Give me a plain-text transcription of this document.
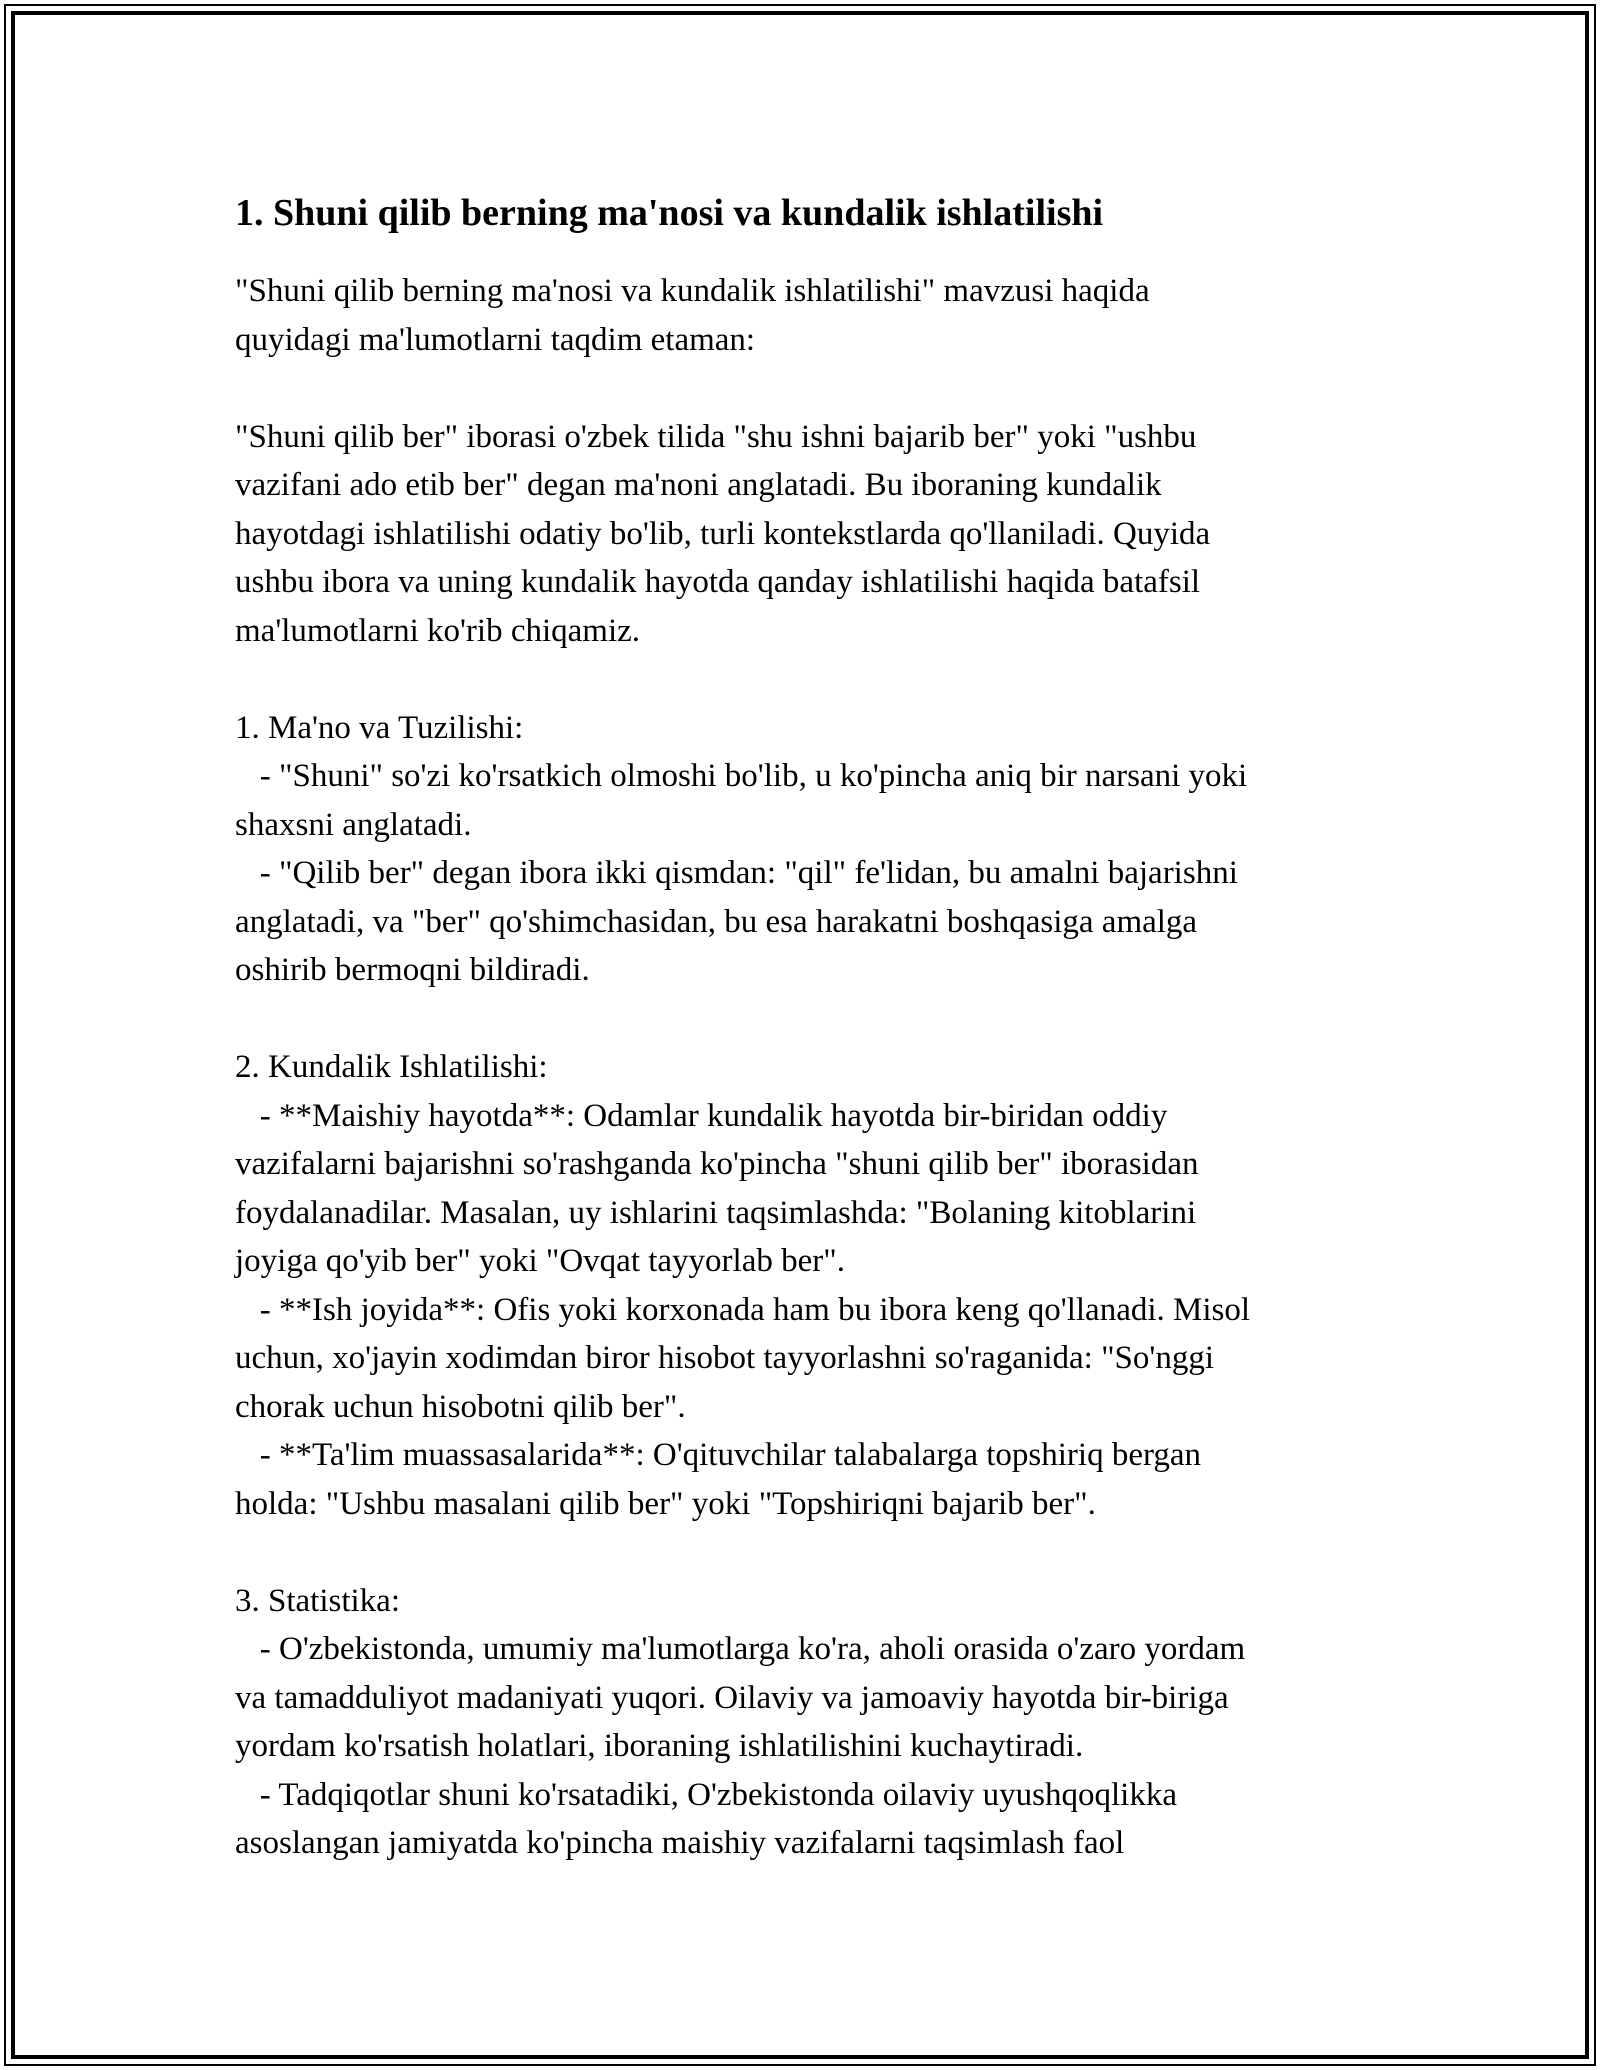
1. Shuni qilib berning ma'nosi va kundalik ishlatilishi
"Shuni qilib berning ma'nosi va kundalik ishlatilishi" mavzusi haqida
quyidagi ma'lumotlarni taqdim etaman:
"Shuni qilib ber" iborasi o'zbek tilida "shu ishni bajarib ber" yoki "ushbu
vazifani ado etib ber" degan ma'noni anglatadi. Bu iboraning kundalik
hayotdagi ishlatilishi odatiy bo'lib, turli kontekstlarda qo'llaniladi. Quyida
ushbu ibora va uning kundalik hayotda qanday ishlatilishi haqida batafsil
ma'lumotlarni ko'rib chiqamiz.
1. Ma'no va Tuzilishi:
- "Shuni" so'zi ko'rsatkich olmoshi bo'lib, u ko'pincha aniq bir narsani yoki
shaxsni anglatadi.
- "Qilib ber" degan ibora ikki qismdan: "qil" fe'lidan, bu amalni bajarishni
anglatadi, va "ber" qo'shimchasidan, bu esa harakatni boshqasiga amalga
oshirib bermoqni bildiradi.
2. Kundalik Ishlatilishi:
- **Maishiy hayotda**: Odamlar kundalik hayotda bir-biridan oddiy
vazifalarni bajarishni so'rashganda ko'pincha "shuni qilib ber" iborasidan
foydalanadilar. Masalan, uy ishlarini taqsimlashda: "Bolaning kitoblarini
joyiga qo'yib ber" yoki "Ovqat tayyorlab ber".
- **Ish joyida**: Ofis yoki korxonada ham bu ibora keng qo'llanadi. Misol
uchun, xo'jayin xodimdan biror hisobot tayyorlashni so'raganida: "So'nggi
chorak uchun hisobotni qilib ber".
- **Ta'lim muassasalarida**: O'qituvchilar talabalarga topshiriq bergan
holda: "Ushbu masalani qilib ber" yoki "Topshiriqni bajarib ber".
3. Statistika:
- O'zbekistonda, umumiy ma'lumotlarga ko'ra, aholi orasida o'zaro yordam
va tamadduliyot madaniyati yuqori. Oilaviy va jamoaviy hayotda bir-biriga
yordam ko'rsatish holatlari, iboraning ishlatilishini kuchaytiradi.
- Tadqiqotlar shuni ko'rsatadiki, O'zbekistonda oilaviy uyushqoqlikka
asoslangan jamiyatda ko'pincha maishiy vazifalarni taqsimlash faol
